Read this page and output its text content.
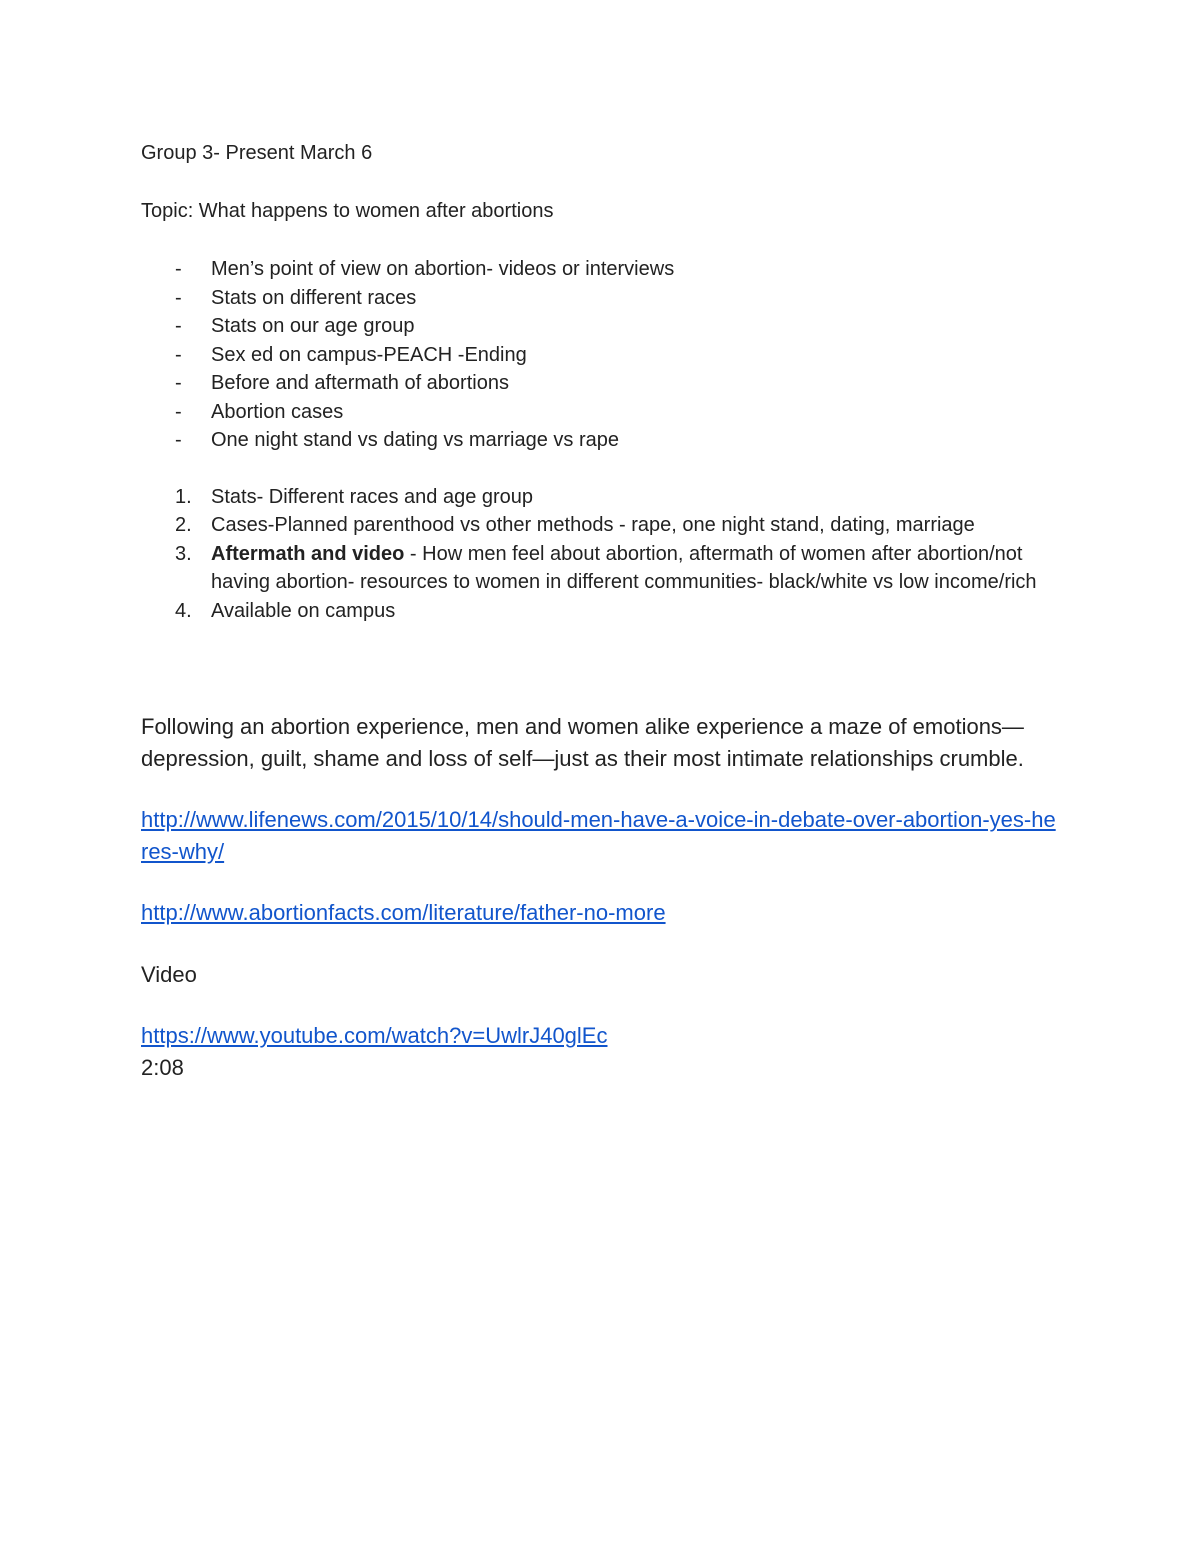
Group 3- Present March 6

Topic: What happens to women after abortions

- Men’s point of view on abortion- videos or interviews
- Stats on different races
- Stats on our age group
- Sex ed on campus-PEACH -Ending
- Before and aftermath of abortions
- Abortion cases
- One night stand vs dating vs marriage vs rape
1. Stats- Different races and age group
2. Cases-Planned parenthood vs other methods - rape, one night stand, dating, marriage
3. Aftermath and video - How men feel about abortion, aftermath of women after abortion/not having abortion- resources to women in different communities- black/white vs low income/rich
4. Available on campus

Following an abortion experience, men and women alike experience a maze of emotions—depression, guilt, shame and loss of self—just as their most intimate relationships crumble.

http://www.lifenews.com/2015/10/14/should-men-have-a-voice-in-debate-over-abortion-yes-heres-why/

http://www.abortionfacts.com/literature/father-no-more

Video

https://www.youtube.com/watch?v=UwlrJ40glEc

2:08
